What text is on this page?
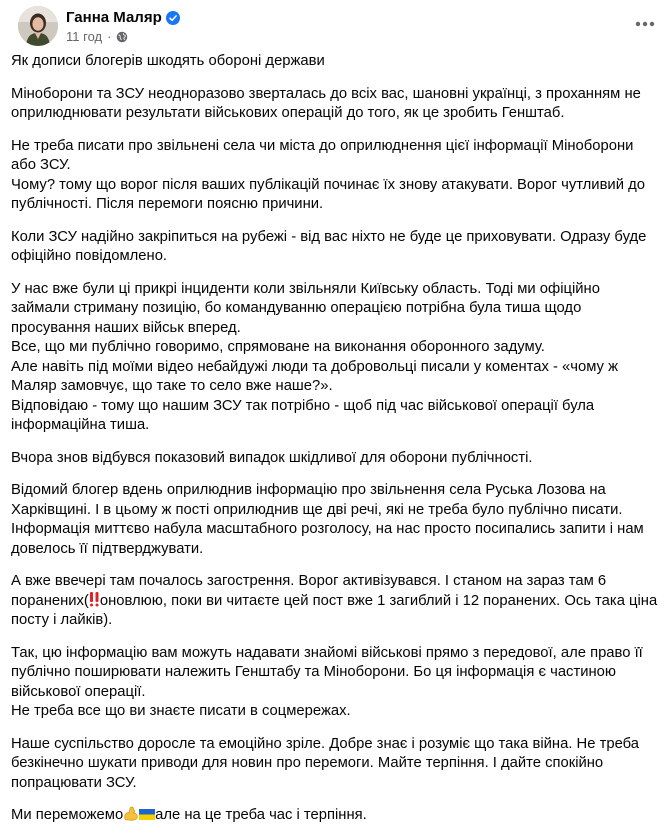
Ганна Маляр
11 год ·

Як дописи блогерів шкодять обороні держави

Міноборони та ЗСУ неодноразово зверталась до всіх вас, шановні українці, з проханням не оприлюднювати результати військових операцій до того, як це зробить Генштаб.

Не треба писати про звільнені села чи міста до оприлюднення цієї інформації Міноборони або ЗСУ.
Чому? тому що ворог після ваших публікацій починає їх знову атакувати. Ворог чутливий до публічності. Після перемоги поясню причини.

Коли ЗСУ надійно закріпиться на рубежі - від вас ніхто не буде це приховувати. Одразу буде офіційно повідомлено.

У нас вже були ці прикрі інциденти коли звільняли Київську область. Тоді ми офіційно займали стриману позицію, бо командуванню операцією потрібна була тиша щодо просування наших військ вперед.
Все, що ми публічно говоримо, спрямоване на виконання оборонного задуму.
Але навіть під моїми відео небайдужі люди та добровольці писали у коментах - «чому ж Маляр замовчує, що таке то село вже наше?».
Відповідаю - тому що нашим ЗСУ так потрібно - щоб під час військової операції була інформаційна тиша.

Вчора знов відбувся показовий випадок шкідливої для оборони публічності.

Відомий блогер вдень оприлюднив інформацію про звільнення села Руська Лозова на Харківщині. І в цьому ж пості оприлюднив ще дві речі, які не треба було публічно писати. Інформація миттєво набула масштабного розголосу, на нас просто посипались запити і нам довелось її підтверджувати.

А вже ввечері там почалось загострення. Ворог активізувався. І станом на зараз там 6 поранених( оновлюю, поки ви читаєте цей пост вже 1 загиблий і 12 поранених. Ось така ціна посту і лайків).

Так, цю інформацію вам можуть надавати знайомі військові прямо з передової, але право її публічно поширювати належить Генштабу та Міноборони. Бо ця інформація є частиною військової операції.
Не треба все що ви знаєте писати в соцмережах.

Наше суспільство доросле та емоційно зріле. Добре знає і розуміє що така війна. Не треба безкінечно шукати приводи для новин про перемоги. Майте терпіння. І дайте спокійно попрацювати ЗСУ.

Ми переможемо але на це треба час і терпіння.
